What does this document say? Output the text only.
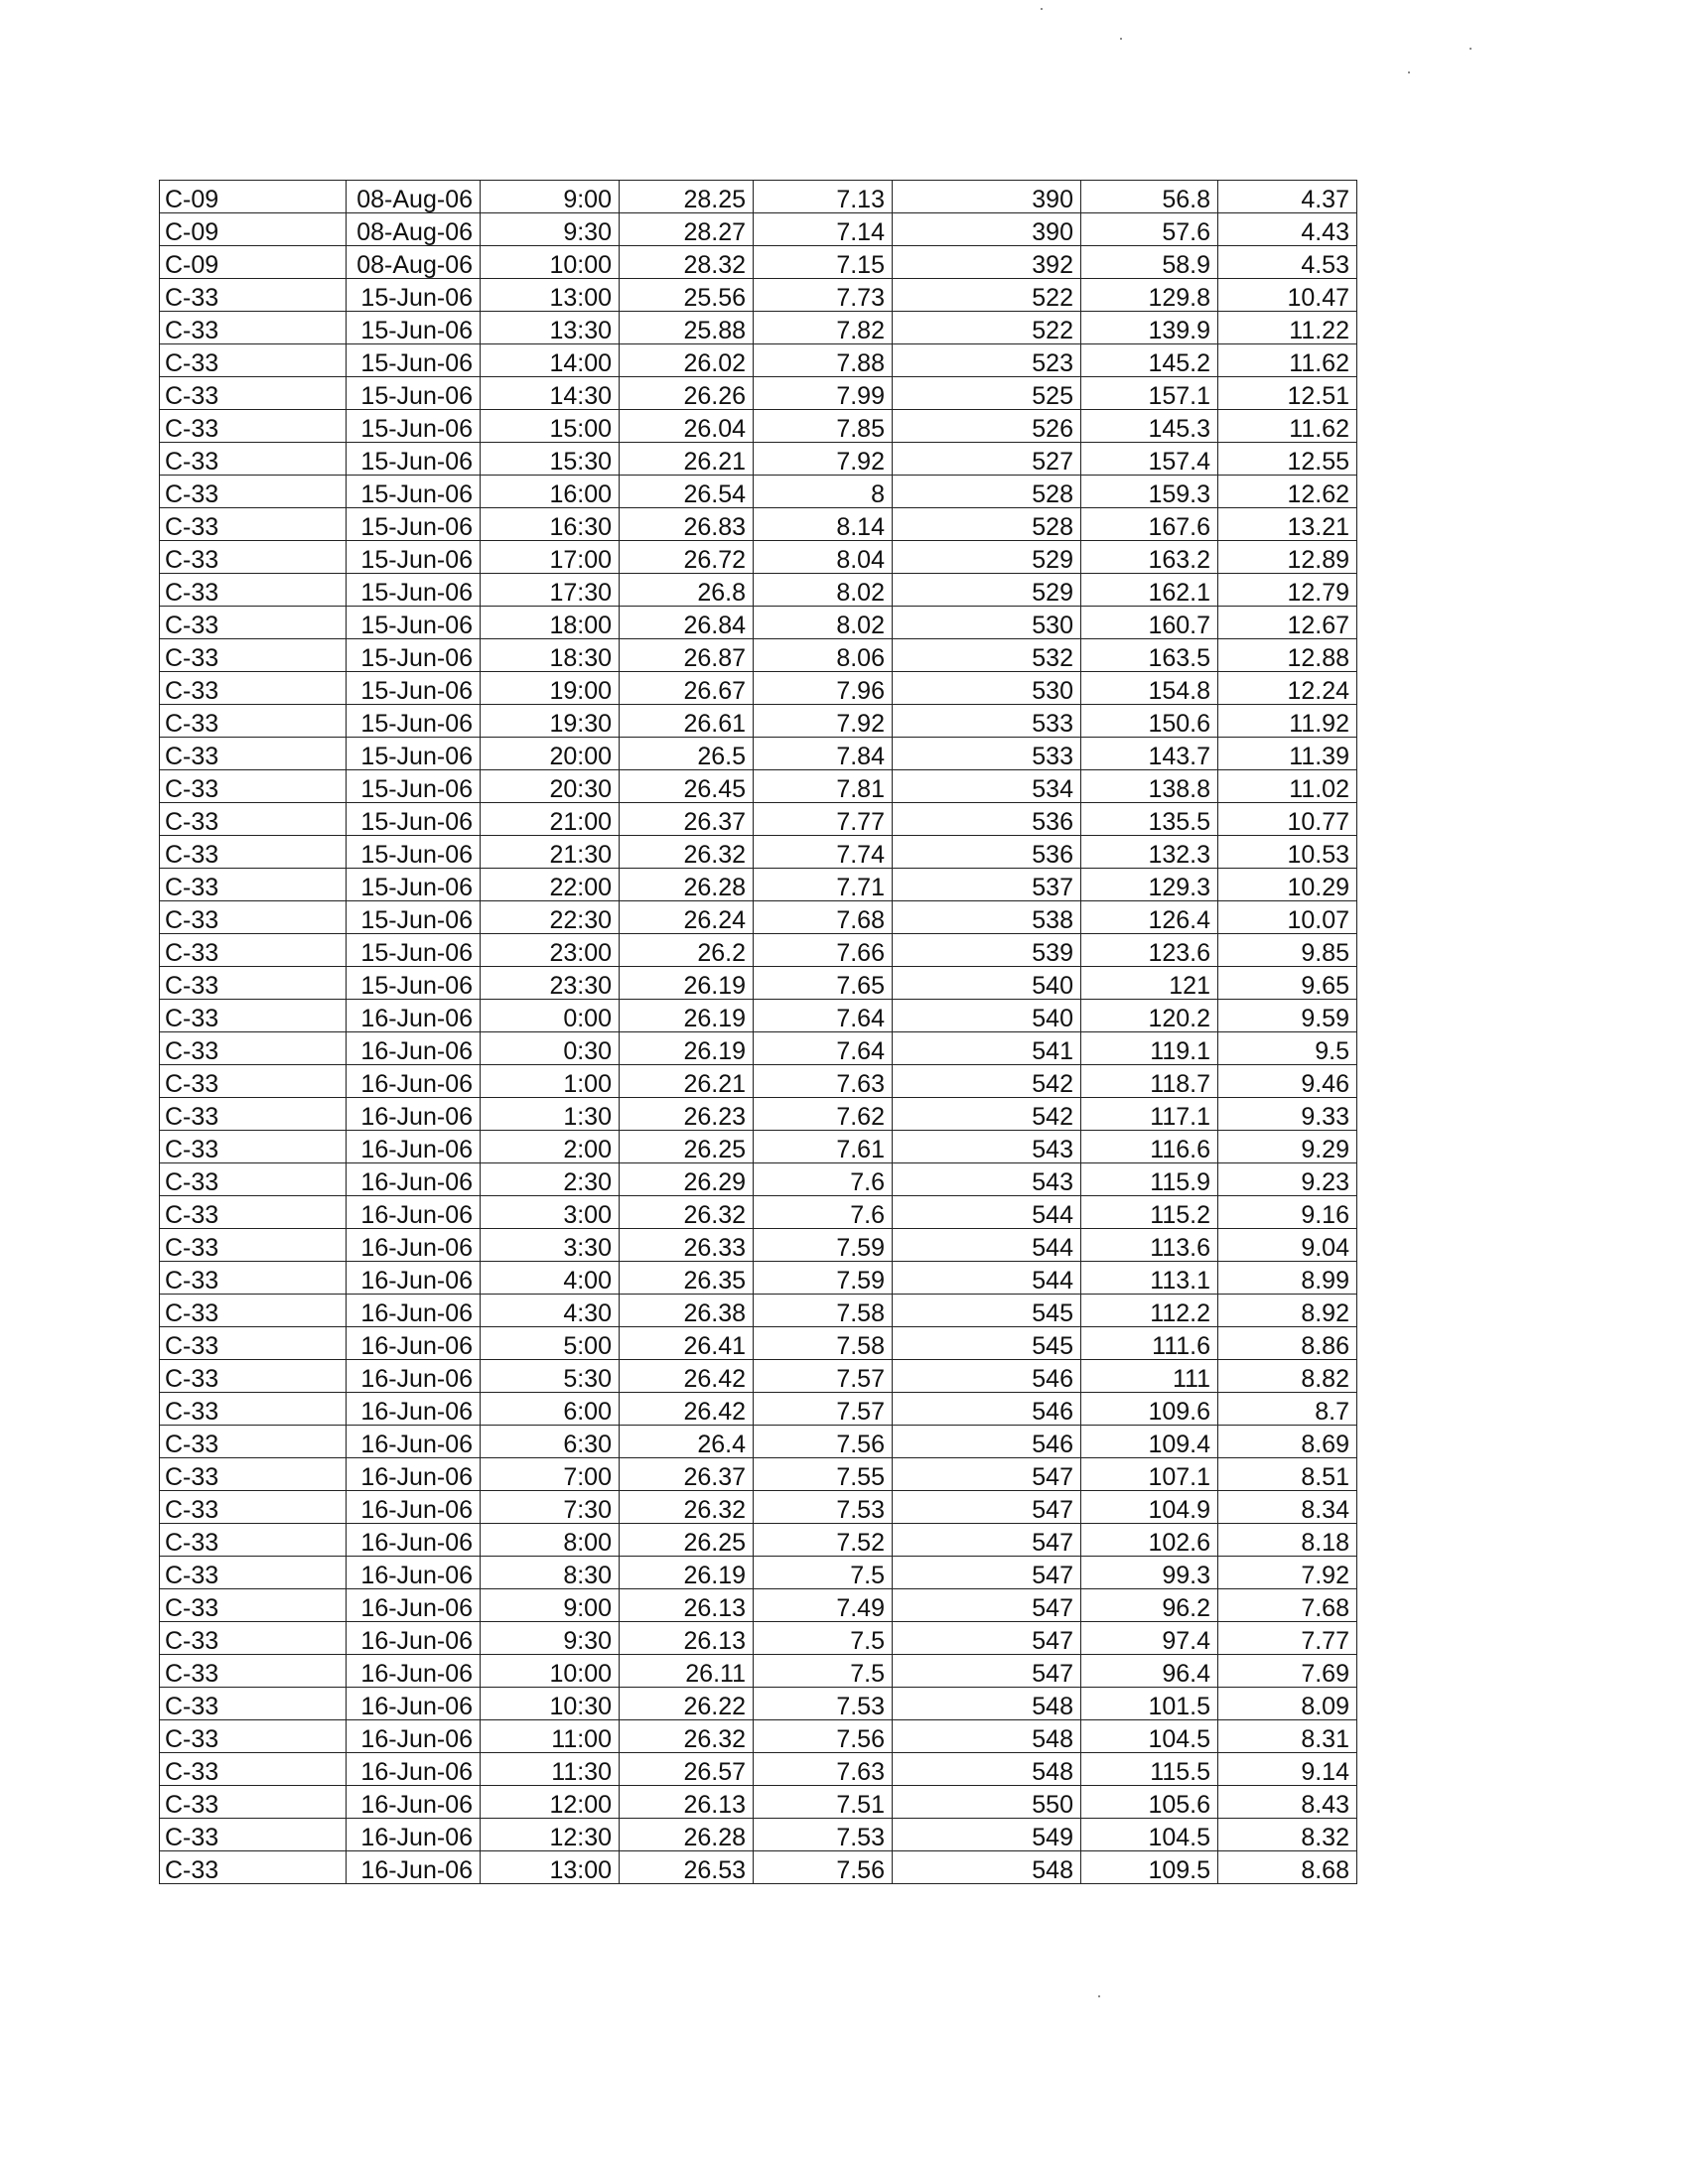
C-09	08-Aug-06	9:00	28.25	7.13	390	56.8	4.37
C-09	08-Aug-06	9:30	28.27	7.14	390	57.6	4.43
C-09	08-Aug-06	10:00	28.32	7.15	392	58.9	4.53
C-33	15-Jun-06	13:00	25.56	7.73	522	129.8	10.47
C-33	15-Jun-06	13:30	25.88	7.82	522	139.9	11.22
C-33	15-Jun-06	14:00	26.02	7.88	523	145.2	11.62
C-33	15-Jun-06	14:30	26.26	7.99	525	157.1	12.51
C-33	15-Jun-06	15:00	26.04	7.85	526	145.3	11.62
C-33	15-Jun-06	15:30	26.21	7.92	527	157.4	12.55
C-33	15-Jun-06	16:00	26.54	8	528	159.3	12.62
C-33	15-Jun-06	16:30	26.83	8.14	528	167.6	13.21
C-33	15-Jun-06	17:00	26.72	8.04	529	163.2	12.89
C-33	15-Jun-06	17:30	26.8	8.02	529	162.1	12.79
C-33	15-Jun-06	18:00	26.84	8.02	530	160.7	12.67
C-33	15-Jun-06	18:30	26.87	8.06	532	163.5	12.88
C-33	15-Jun-06	19:00	26.67	7.96	530	154.8	12.24
C-33	15-Jun-06	19:30	26.61	7.92	533	150.6	11.92
C-33	15-Jun-06	20:00	26.5	7.84	533	143.7	11.39
C-33	15-Jun-06	20:30	26.45	7.81	534	138.8	11.02
C-33	15-Jun-06	21:00	26.37	7.77	536	135.5	10.77
C-33	15-Jun-06	21:30	26.32	7.74	536	132.3	10.53
C-33	15-Jun-06	22:00	26.28	7.71	537	129.3	10.29
C-33	15-Jun-06	22:30	26.24	7.68	538	126.4	10.07
C-33	15-Jun-06	23:00	26.2	7.66	539	123.6	9.85
C-33	15-Jun-06	23:30	26.19	7.65	540	121	9.65
C-33	16-Jun-06	0:00	26.19	7.64	540	120.2	9.59
C-33	16-Jun-06	0:30	26.19	7.64	541	119.1	9.5
C-33	16-Jun-06	1:00	26.21	7.63	542	118.7	9.46
C-33	16-Jun-06	1:30	26.23	7.62	542	117.1	9.33
C-33	16-Jun-06	2:00	26.25	7.61	543	116.6	9.29
C-33	16-Jun-06	2:30	26.29	7.6	543	115.9	9.23
C-33	16-Jun-06	3:00	26.32	7.6	544	115.2	9.16
C-33	16-Jun-06	3:30	26.33	7.59	544	113.6	9.04
C-33	16-Jun-06	4:00	26.35	7.59	544	113.1	8.99
C-33	16-Jun-06	4:30	26.38	7.58	545	112.2	8.92
C-33	16-Jun-06	5:00	26.41	7.58	545	111.6	8.86
C-33	16-Jun-06	5:30	26.42	7.57	546	111	8.82
C-33	16-Jun-06	6:00	26.42	7.57	546	109.6	8.7
C-33	16-Jun-06	6:30	26.4	7.56	546	109.4	8.69
C-33	16-Jun-06	7:00	26.37	7.55	547	107.1	8.51
C-33	16-Jun-06	7:30	26.32	7.53	547	104.9	8.34
C-33	16-Jun-06	8:00	26.25	7.52	547	102.6	8.18
C-33	16-Jun-06	8:30	26.19	7.5	547	99.3	7.92
C-33	16-Jun-06	9:00	26.13	7.49	547	96.2	7.68
C-33	16-Jun-06	9:30	26.13	7.5	547	97.4	7.77
C-33	16-Jun-06	10:00	26.11	7.5	547	96.4	7.69
C-33	16-Jun-06	10:30	26.22	7.53	548	101.5	8.09
C-33	16-Jun-06	11:00	26.32	7.56	548	104.5	8.31
C-33	16-Jun-06	11:30	26.57	7.63	548	115.5	9.14
C-33	16-Jun-06	12:00	26.13	7.51	550	105.6	8.43
C-33	16-Jun-06	12:30	26.28	7.53	549	104.5	8.32
C-33	16-Jun-06	13:00	26.53	7.56	548	109.5	8.68
